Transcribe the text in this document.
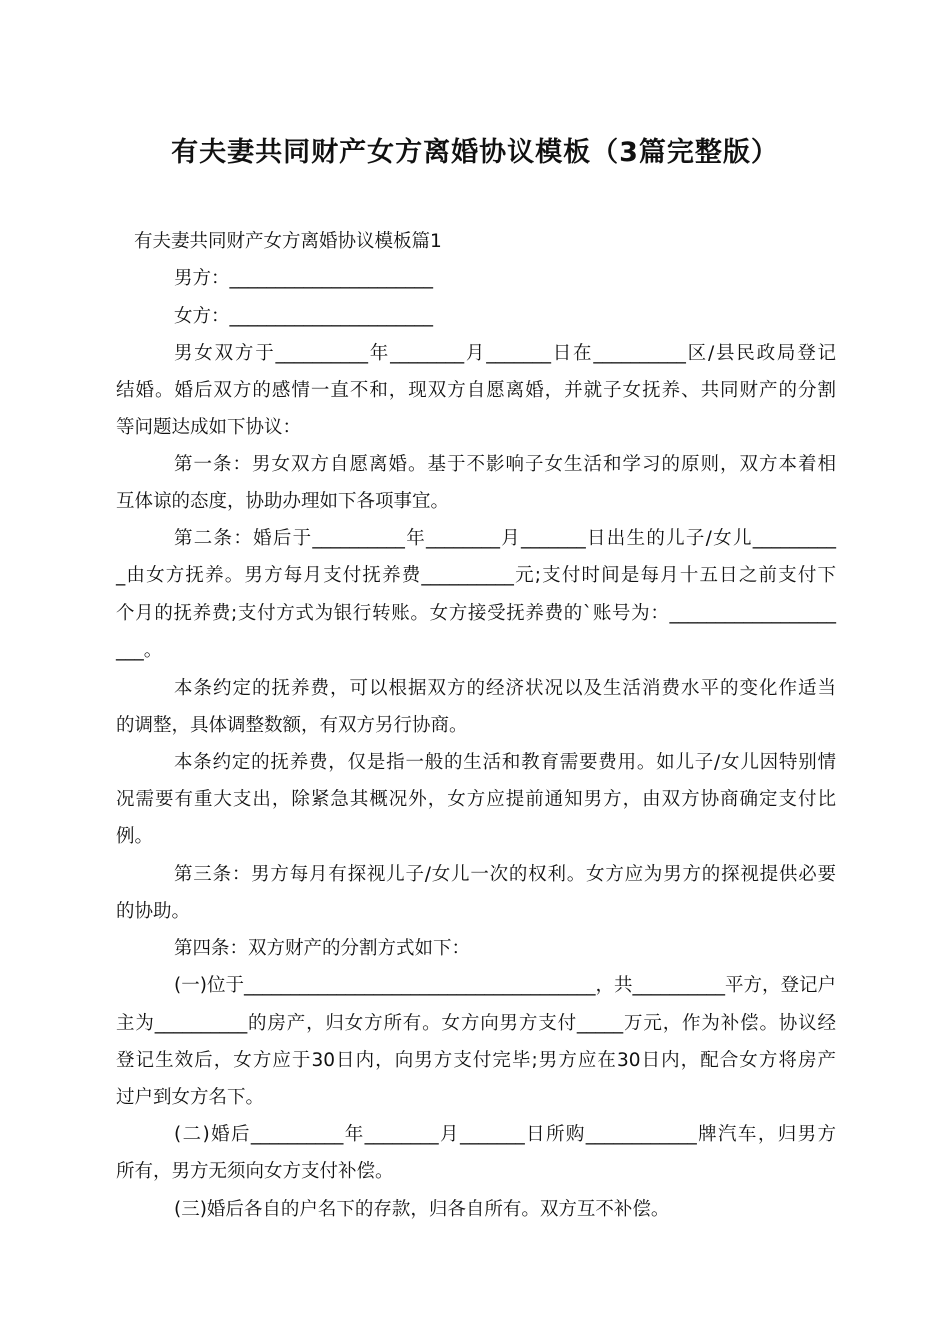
有夫妻共同财产女方离婚协议模板（3篇完整版）
有夫妻共同财产女方离婚协议模板篇1
男方：______________________
女方：______________________
男女双方于__________年________月_______日在__________区/县民政局登记
结婚。婚后双方的感情一直不和，现双方自愿离婚，并就子女抚养、共同财产的分割
等问题达成如下协议：
第一条：男女双方自愿离婚。基于不影响子女生活和学习的原则，双方本着相
互体谅的态度，协助办理如下各项事宜。
第二条：婚后于__________年________月_______日出生的儿子/女儿_________
_由女方抚养。男方每月支付抚养费__________元;支付时间是每月十五日之前支付下
个月的抚养费;支付方式为银行转账。女方接受抚养费的`账号为：__________________
___。
本条约定的抚养费，可以根据双方的经济状况以及生活消费水平的变化作适当
的调整，具体调整数额，有双方另行协商。
本条约定的抚养费，仅是指一般的生活和教育需要费用。如儿子/女儿因特别情
况需要有重大支出，除紧急其概况外，女方应提前通知男方，由双方协商确定支付比
例。
第三条：男方每月有探视儿子/女儿一次的权利。女方应为男方的探视提供必要
的协助。
第四条：双方财产的分割方式如下：
(一)位于______________________________________，共__________平方，登记户
主为__________的房产，归女方所有。女方向男方支付_____万元，作为补偿。协议经
登记生效后，女方应于30日内，向男方支付完毕;男方应在30日内，配合女方将房产
过户到女方名下。
(二)婚后__________年________月_______日所购____________牌汽车，归男方
所有，男方无须向女方支付补偿。
(三)婚后各自的户名下的存款，归各自所有。双方互不补偿。
